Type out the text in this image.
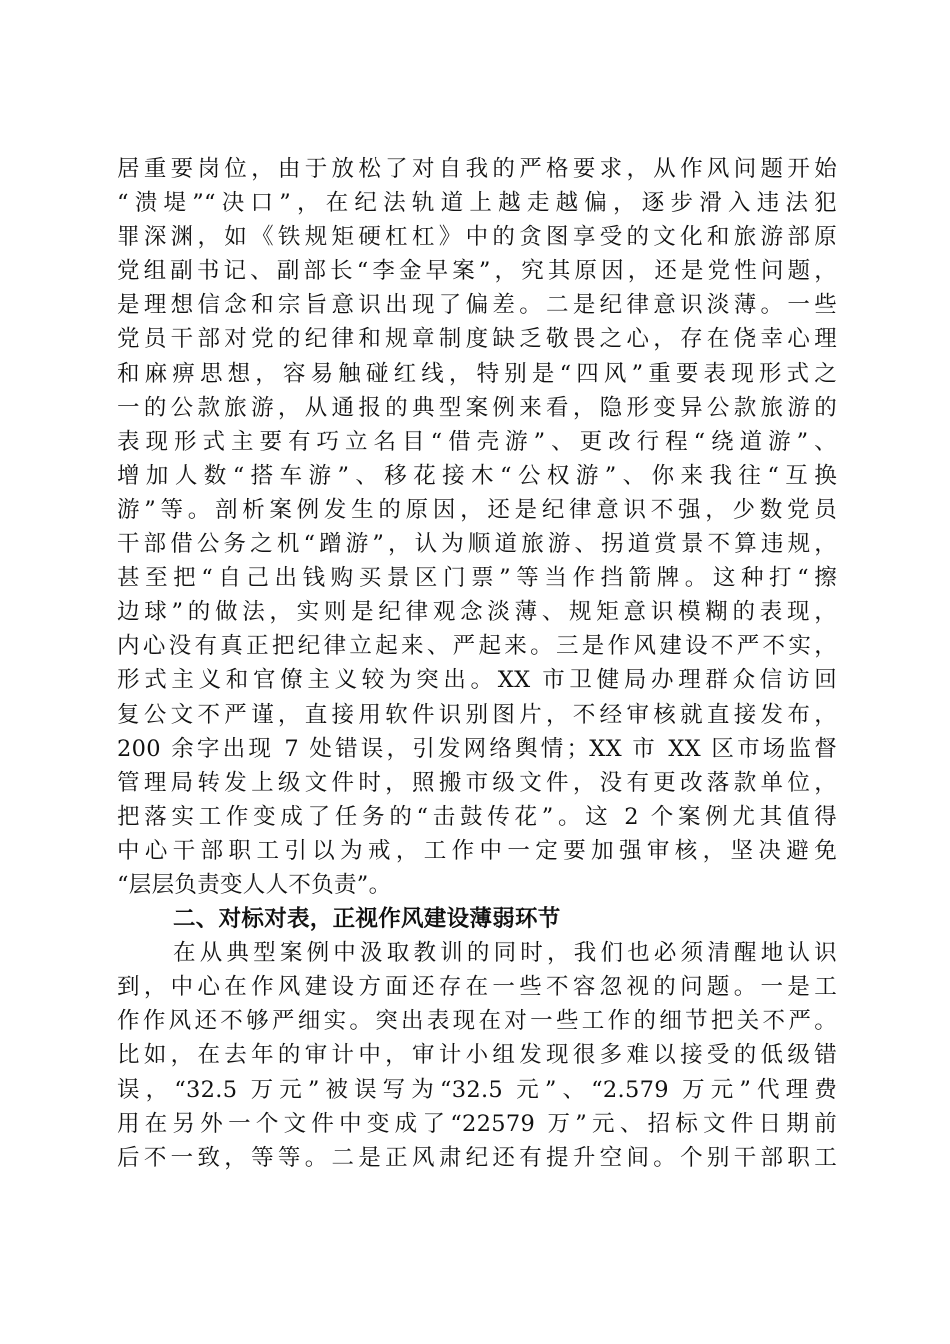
居重要岗位，由于放松了对自我的严格要求，从作风问题开始
“溃堤”“决口”，在纪法轨道上越走越偏，逐步滑入违法犯
罪深渊，如《铁规矩硬杠杠》中的贪图享受的文化和旅游部原
党组副书记、副部长“李金早案”，究其原因，还是党性问题，
是理想信念和宗旨意识出现了偏差。二是纪律意识淡薄。一些
党员干部对党的纪律和规章制度缺乏敬畏之心，存在侥幸心理
和麻痹思想，容易触碰红线，特别是“四风”重要表现形式之
一的公款旅游，从通报的典型案例来看，隐形变异公款旅游的
表现形式主要有巧立名目“借壳游”、更改行程“绕道游”、
增加人数“搭车游”、移花接木“公权游”、你来我往“互换
游”等。剖析案例发生的原因，还是纪律意识不强，少数党员
干部借公务之机“蹭游”，认为顺道旅游、拐道赏景不算违规，
甚至把“自己出钱购买景区门票”等当作挡箭牌。这种打“擦
边球”的做法，实则是纪律观念淡薄、规矩意识模糊的表现，
内心没有真正把纪律立起来、严起来。三是作风建设不严不实，
形式主义和官僚主义较为突出。XX 市卫健局办理群众信访回
复公文不严谨，直接用软件识别图片，不经审核就直接发布，
200 余字出现 7 处错误，引发网络舆情；XX 市 XX 区市场监督
管理局转发上级文件时，照搬市级文件，没有更改落款单位，
把落实工作变成了任务的“击鼓传花”。这 2 个案例尤其值得
中心干部职工引以为戒，工作中一定要加强审核，坚决避免
“层层负责变人人不负责”。
二、对标对表，正视作风建设薄弱环节
在从典型案例中汲取教训的同时，我们也必须清醒地认识
到，中心在作风建设方面还存在一些不容忽视的问题。一是工
作作风还不够严细实。突出表现在对一些工作的细节把关不严。
比如，在去年的审计中，审计小组发现很多难以接受的低级错
误，“32.5 万元”被误写为“32.5 元”、“2.579 万元”代理费
用在另外一个文件中变成了“22579 万”元、招标文件日期前
后不一致，等等。二是正风肃纪还有提升空间。个别干部职工
